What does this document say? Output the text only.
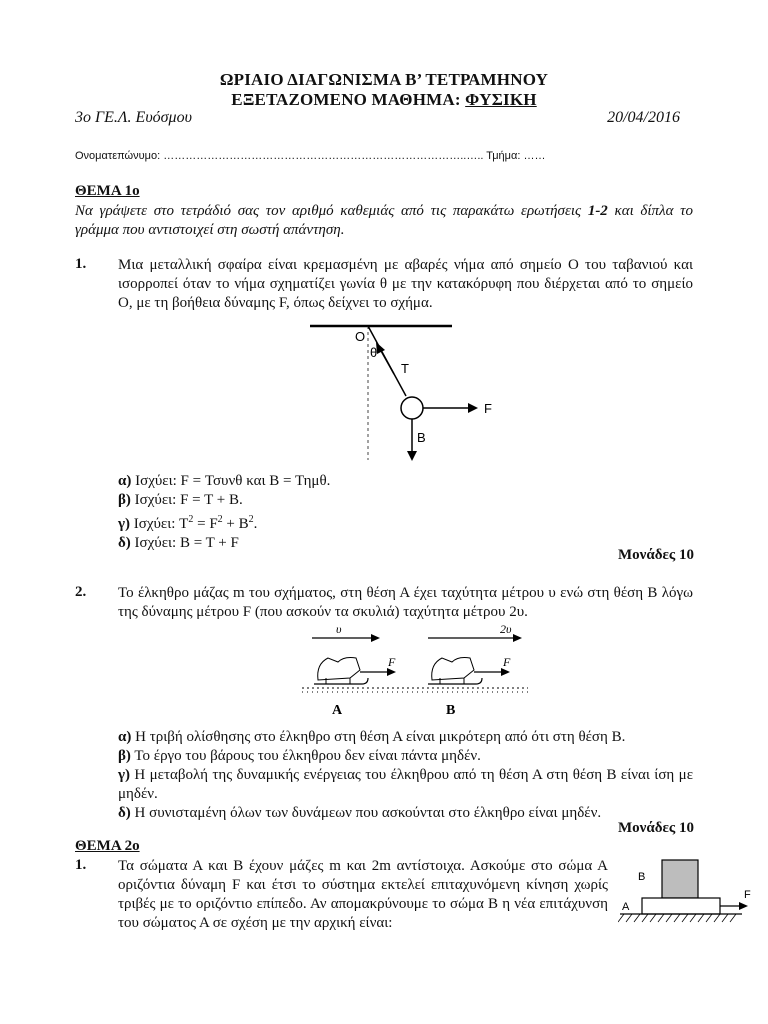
ΩΡΙΑΙΟ ΔΙΑΓΩΝΙΣΜΑ Β’ ΤΕΤΡΑΜΗΝΟΥ
ΕΞΕΤΑΖΟΜΕΝΟ ΜΑΘΗΜΑ: ΦΥΣΙΚΗ
3ο ΓΕ.Λ. Ευόσμου	20/04/2016
Ονοματεπώνυμο: ………………………………………………………………………..….. Τμήμα: ……
ΘΕΜΑ 1ο
Να γράψετε στο τετράδιό σας τον αριθμό καθεμιάς από τις παρακάτω ερωτήσεις 1-2 και δίπλα το γράμμα που αντιστοιχεί στη σωστή απάντηση.
1. Μια μεταλλική σφαίρα είναι κρεμασμένη με αβαρές νήμα από σημείο Ο του ταβανιού και ισορροπεί όταν το νήμα σχηματίζει γωνία θ με την κατακόρυφη που διέρχεται από το σημείο Ο, με τη βοήθεια δύναμης F, όπως δείχνει το σχήμα.
O
θ
T
F
B
α) Ισχύει: F = Τσυνθ και Β = Τημθ.
β) Ισχύει: F = T + B.
γ) Ισχύει: $T^2 = F^2 + B^2$.
δ) Ισχύει: B = T + F
Μονάδες 10
2. Το έλκηθρο μάζας m του σχήματος, στη θέση Α έχει ταχύτητα μέτρου υ ενώ στη θέση Β λόγω της δύναμης μέτρου F (που ασκούν τα σκυλιά) ταχύτητα μέτρου 2υ.
υ	2υ
F	F
A	B
α) Η τριβή ολίσθησης στο έλκηθρο στη θέση Α είναι μικρότερη από ότι στη θέση Β.
β) Το έργο του βάρους του έλκηθρου δεν είναι πάντα μηδέν.
γ) Η μεταβολή της δυναμικής ενέργειας του έλκηθρου από τη θέση Α στη θέση Β είναι ίση με μηδέν.
δ) Η συνισταμένη όλων των δυνάμεων που ασκούνται στο έλκηθρο είναι μηδέν.
Μονάδες 10
ΘΕΜΑ 2ο
1. Τα σώματα Α και Β έχουν μάζες m και 2m αντίστοιχα. Ασκούμε στο σώμα Α οριζόντια δύναμη F και έτσι το σύστημα εκτελεί επιταχυνόμενη κίνηση χωρίς τριβές με το οριζόντιο επίπεδο. Αν απομακρύνουμε το σώμα Β η νέα επιτάχυνση του σώματος Α σε σχέση με την αρχική είναι:
B
A
F
